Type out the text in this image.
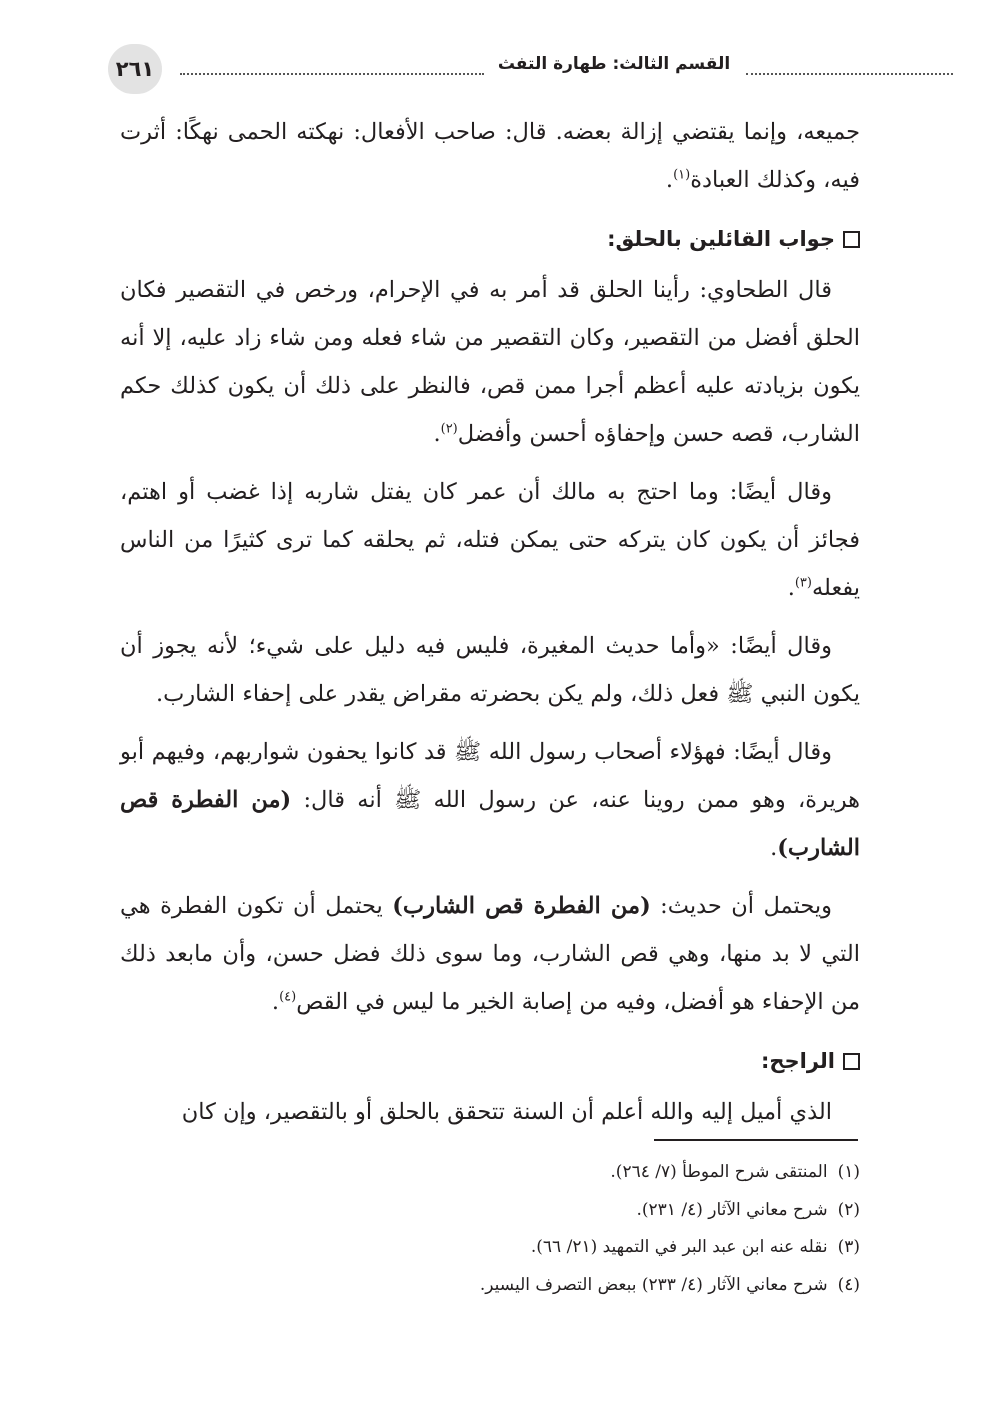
٢٦١	القسم الثالث: طهارة التفث

جميعه، وإنما يقتضي إزالة بعضه. قال: صاحب الأفعال: نهكته الحمى نهكًا: أثرت فيه، وكذلك العبادة$^{(١)}$.

جواب القائلين بالحلق:

قال الطحاوي: رأينا الحلق قد أمر به في الإحرام، ورخص في التقصير فكان الحلق أفضل من التقصير، وكان التقصير من شاء فعله ومن شاء زاد عليه، إلا أنه يكون بزيادته عليه أعظم أجرا ممن قص، فالنظر على ذلك أن يكون كذلك حكم الشارب، قصه حسن وإحفاؤه أحسن وأفضل$^{(٢)}$.

وقال أيضًا: وما احتج به مالك أن عمر كان يفتل شاربه إذا غضب أو اهتم، فجائز أن يكون كان يتركه حتى يمكن فتله، ثم يحلقه كما ترى كثيرًا من الناس يفعله$^{(٣)}$.

وقال أيضًا: «وأما حديث المغيرة، فليس فيه دليل على شيء؛ لأنه يجوز أن يكون النبي ﷺ فعل ذلك، ولم يكن بحضرته مقراض يقدر على إحفاء الشارب.

وقال أيضًا: فهؤلاء أصحاب رسول الله ﷺ قد كانوا يحفون شواربهم، وفيهم أبو هريرة، وهو ممن روينا عنه، عن رسول الله ﷺ أنه قال: (من الفطرة قص الشارب).

ويحتمل أن حديث: (من الفطرة قص الشارب) يحتمل أن تكون الفطرة هي التي لا بد منها، وهي قص الشارب، وما سوى ذلك فضل حسن، وأن مابعد ذلك من الإحفاء هو أفضل، وفيه من إصابة الخير ما ليس في القص$^{(٤)}$.

الراجح:

الذي أميل إليه والله أعلم أن السنة تتحقق بالحلق أو بالتقصير، وإن كان

(١)
المنتقى شرح الموطأ (٧/ ٢٦٤).
(٢)
شرح معاني الآثار (٤/ ٢٣١).
(٣)
نقله عنه ابن عبد البر في التمهيد (٢١/ ٦٦).
(٤)
شرح معاني الآثار (٤/ ٢٣٣) ببعض التصرف اليسير.
